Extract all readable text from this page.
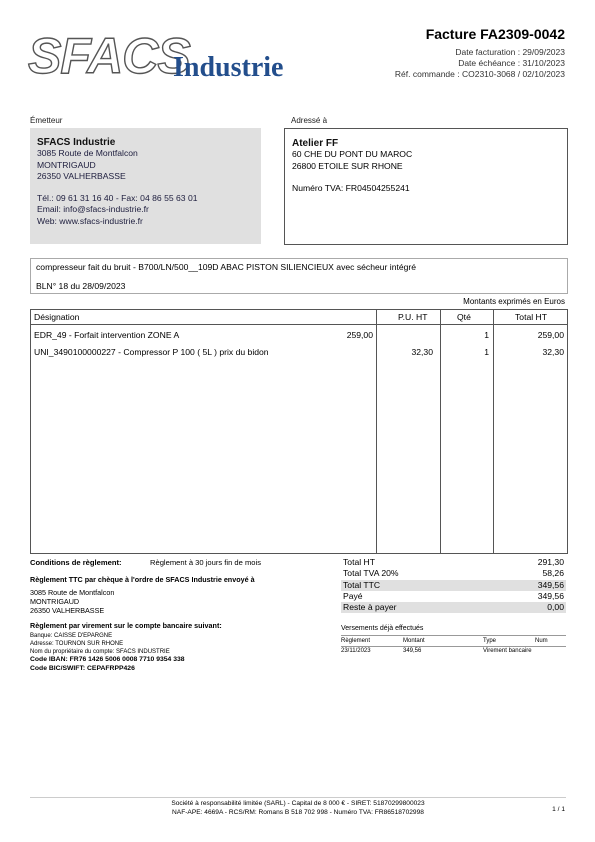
SFACS
Industrie
Facture FA2309-0042
Date facturation : 29/09/2023
Date échéance : 31/10/2023
Réf. commande : CO2310-3068 / 02/10/2023
Émetteur
SFACS Industrie
3085 Route de Montfalcon
MONTRIGAUD
26350 VALHERBASSE
Tél.: 09 61 31 16 40 - Fax: 04 86 55 63 01
Email: info@sfacs-industrie.fr
Web: www.sfacs-industrie.fr
Adressé à
Atelier FF
60 CHE DU PONT DU MAROC
26800 ETOILE SUR RHONE
Numéro TVA: FR04504255241
compresseur fait du bruit - B700/LN/500__109D ABAC PISTON SILIENCIEUX avec sécheur intégré
BLN° 18 du 28/09/2023
Montants exprimés en Euros
Désignation	P.U. HT	Qté	Total HT
EDR_49 - Forfait intervention ZONE A	259,00	1	259,00
UNI_3490100000227 - Compressor P 100 ( 5L ) prix du bidon	32,30	1	32,30
Conditions de règlement:	Règlement à 30 jours fin de mois
Règlement TTC par chèque à l'ordre de SFACS Industrie envoyé à
3085 Route de Montfalcon
MONTRIGAUD
26350 VALHERBASSE
Règlement par virement sur le compte bancaire suivant:
Banque: CAISSE D'EPARGNE
Adresse: TOURNON SUR RHONE
Nom du propriétaire du compte: SFACS INDUSTRIE
Code IBAN: FR76 1426 5006 0008 7710 9354 338
Code BIC/SWIFT: CEPAFRPP426
Total HT	291,30
Total TVA 20%	58,26
Total TTC	349,56
Payé	349,56
Reste à payer	0,00
Versements déjà effectués
Règlement	Montant	Type	Num
23/11/2023	349,56	Virement bancaire
Société à responsabilité limitée (SARL) - Capital de 8 000 € - SIRET: 51870299800023
NAF-APE: 4669A - RCS/RM: Romans B 518 702 998 - Numéro TVA: FR86518702998	1 / 1
